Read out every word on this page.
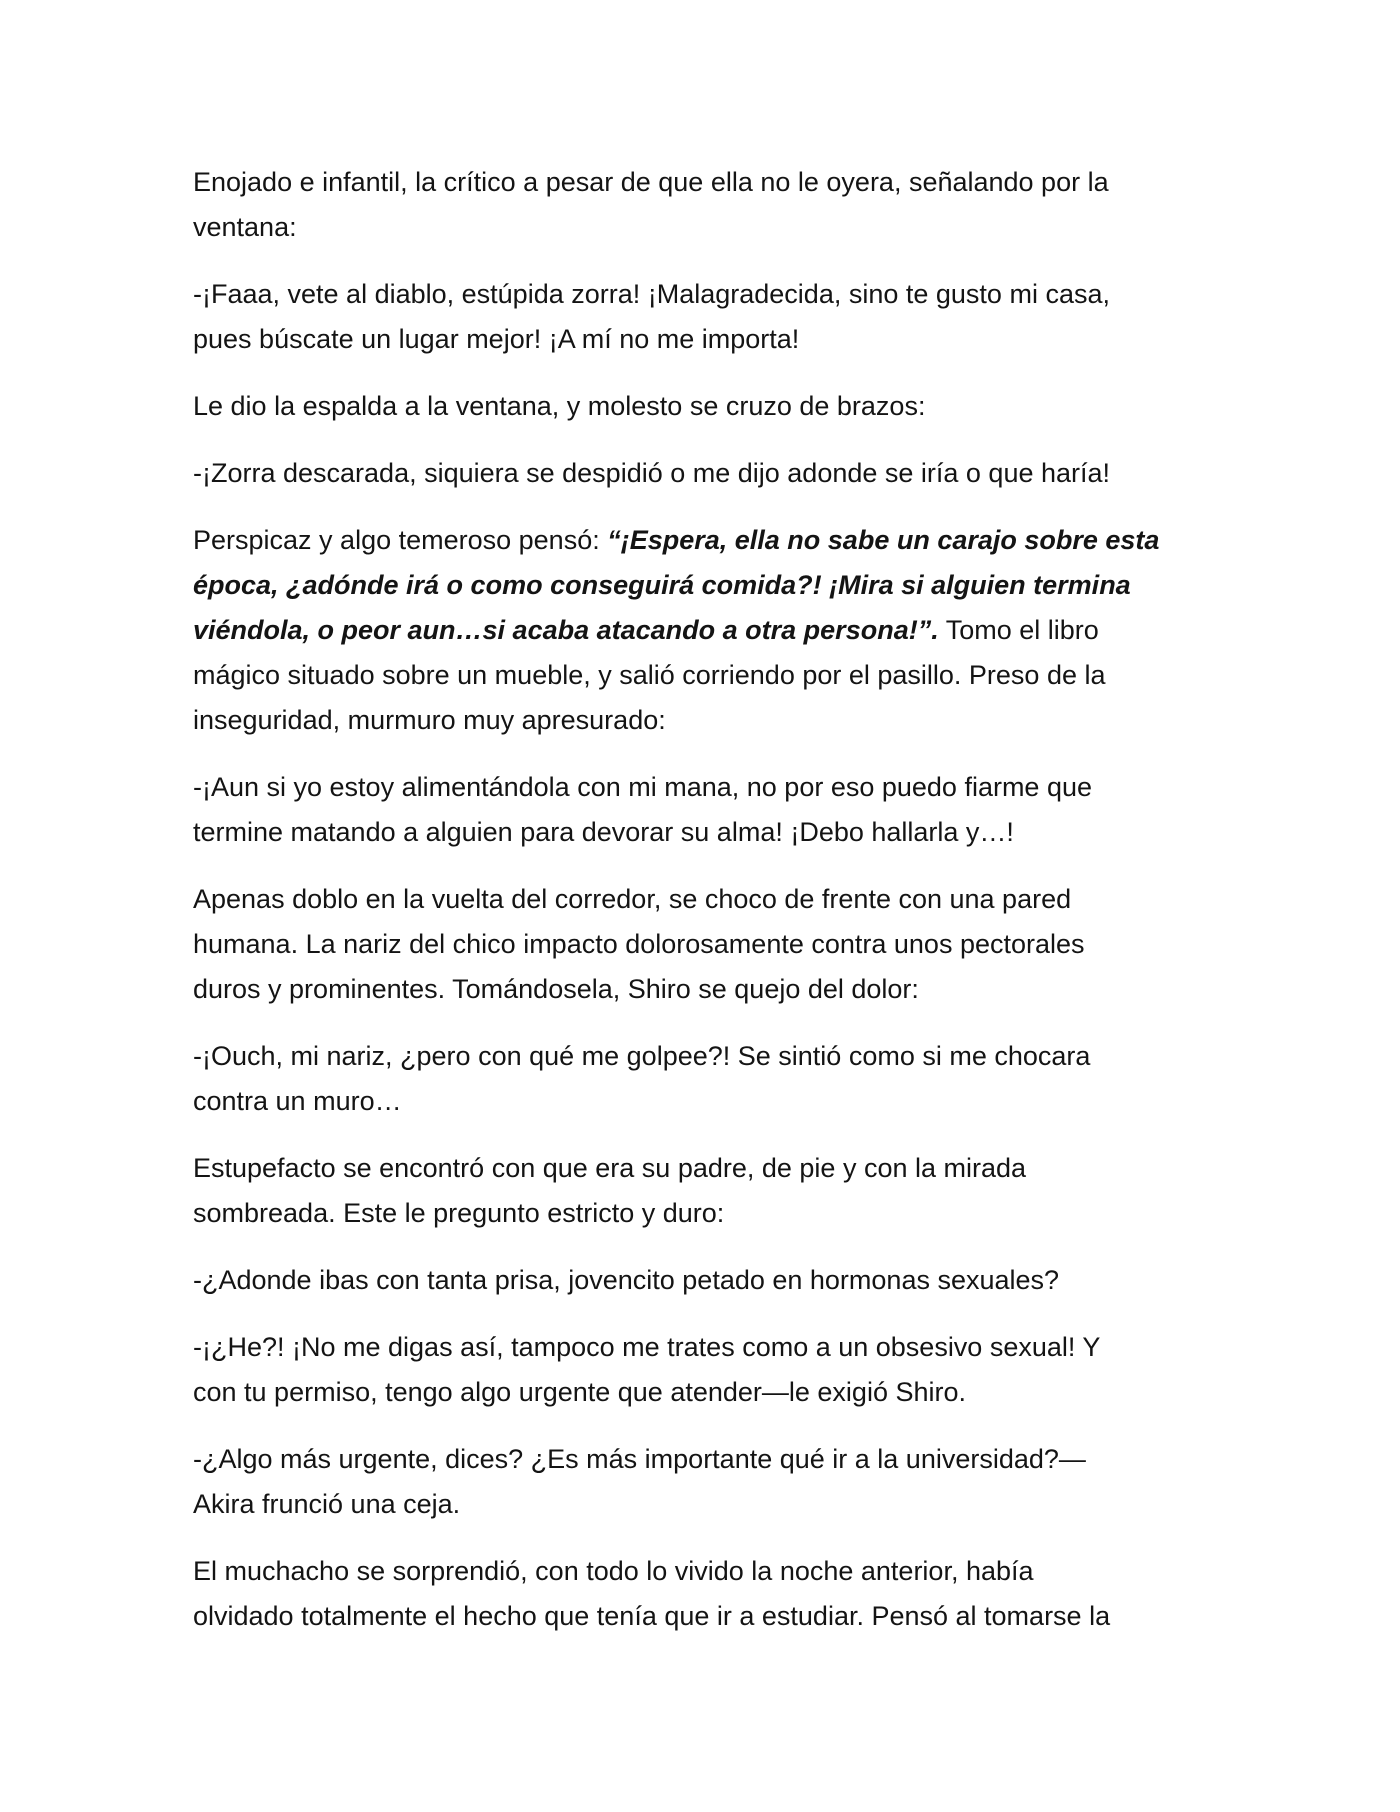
Enojado e infantil, la crítico a pesar de que ella no le oyera, señalando por la
ventana:

-¡Faaa, vete al diablo, estúpida zorra! ¡Malagradecida, sino te gusto mi casa,
pues búscate un lugar mejor! ¡A mí no me importa!

Le dio la espalda a la ventana, y molesto se cruzo de brazos:

-¡Zorra descarada, siquiera se despidió o me dijo adonde se iría o que haría!

Perspicaz y algo temeroso pensó: “¡Espera, ella no sabe un carajo sobre esta
época, ¿adónde irá o como conseguirá comida?! ¡Mira si alguien termina
viéndola, o peor aun…si acaba atacando a otra persona!”. Tomo el libro
mágico situado sobre un mueble, y salió corriendo por el pasillo. Preso de la
inseguridad, murmuro muy apresurado:

-¡Aun si yo estoy alimentándola con mi mana, no por eso puedo fiarme que
termine matando a alguien para devorar su alma! ¡Debo hallarla y…!

Apenas doblo en la vuelta del corredor, se choco de frente con una pared
humana. La nariz del chico impacto dolorosamente contra unos pectorales
duros y prominentes. Tomándosela, Shiro se quejo del dolor:

-¡Ouch, mi nariz, ¿pero con qué me golpee?! Se sintió como si me chocara
contra un muro…

Estupefacto se encontró con que era su padre, de pie y con la mirada
sombreada. Este le pregunto estricto y duro:

-¿Adonde ibas con tanta prisa, jovencito petado en hormonas sexuales?

-¡¿He?! ¡No me digas así, tampoco me trates como a un obsesivo sexual! Y
con tu permiso, tengo algo urgente que atender—le exigió Shiro.

-¿Algo más urgente, dices? ¿Es más importante qué ir a la universidad?—
Akira frunció una ceja.

El muchacho se sorprendió, con todo lo vivido la noche anterior, había
olvidado totalmente el hecho que tenía que ir a estudiar. Pensó al tomarse la
